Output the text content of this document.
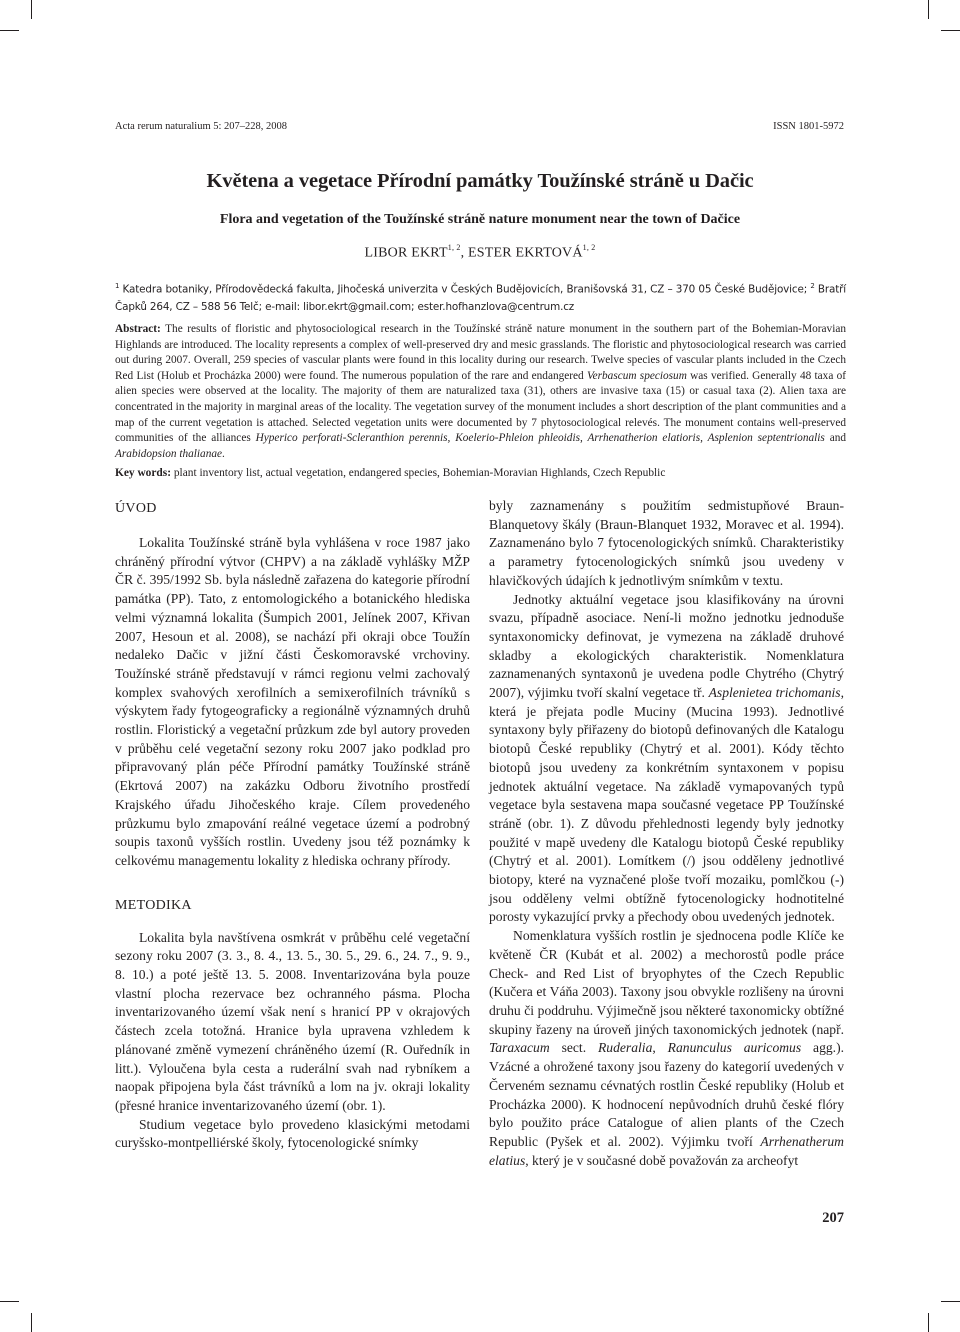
Acta rerum naturalium 5: 207–228, 2008	ISSN 1801-5972
Květena a vegetace Přírodní památky Toužínské stráně u Dačic
Flora and vegetation of the Toužínské stráně nature monument near the town of Dačice
LIBOR EKRT$^{1, 2}$, ESTER EKRTOVÁ$^{1, 2}$
$^1$ Katedra botaniky, Přírodovědecká fakulta, Jihočeská univerzita v Českých Budějovicích, Branišovská 31, CZ – 370 05 České Budějovice; $^2$ Bratří Čapků 264, CZ – 588 56 Telč; e-mail: libor.ekrt@gmail.com; ester.hofhanzlova@centrum.cz
Abstract: The results of floristic and phytosociological research in the Toužínské stráně nature monument in the southern part of the Bohemian-Moravian Highlands are introduced. The locality represents a complex of well-preserved dry and mesic grasslands. The floristic and phytosociological research was carried out during 2007. Overall, 259 species of vascular plants were found in this locality during our research. Twelve species of vascular plants included in the Czech Red List (Holub et Procházka 2000) were found. The numerous population of the rare and endangered Verbascum speciosum was verified. Generally 48 taxa of alien species were observed at the locality. The majority of them are naturalized taxa (31), others are invasive taxa (15) or casual taxa (2). Alien taxa are concentrated in the majority in marginal areas of the locality. The vegetation survey of the monument includes a short description of the plant communities and a map of the current vegetation is attached. Selected vegetation units were documented by 7 phytosociological relevés. The monument contains well-preserved communities of the alliances Hyperico perforati-Scleranthion perennis, Koelerio-Phleion phleoidis, Arrhenatherion elatioris, Asplenion septentrionalis and Arabidopsion thalianae.
Key words: plant inventory list, actual vegetation, endangered species, Bohemian-Moravian Highlands, Czech Republic
ÚVOD

Lokalita Toužínské stráně byla vyhlášena v roce 1987 jako chráněný přírodní výtvor (CHPV) a na základě vyhlášky MŽP ČR č. 395/1992 Sb. byla následně zařazena do kategorie přírodní památka (PP). Tato, z entomologického a botanického hlediska velmi významná lokalita (Šumpich 2001, Jelínek 2007, Křivan 2007, Hesoun et al. 2008), se nachází při okraji obce Toužín nedaleko Dačic v jižní části Českomoravské vrchoviny. Toužínské stráně představují v rámci regionu velmi zachovalý komplex svahových xerofilních a semixerofilních trávníků s výskytem řady fytogeograficky a regionálně významných druhů rostlin. Floristický a vegetační průzkum zde byl autory proveden v průběhu celé vegetační sezony roku 2007 jako podklad pro připravovaný plán péče Přírodní památky Toužínské stráně (Ekrtová 2007) na zakázku Odboru životního prostředí Krajského úřadu Jihočeského kraje. Cílem provedeného průzkumu bylo zmapování reálné vegetace území a podrobný soupis taxonů vyšších rostlin. Uvedeny jsou též poznámky k celkovému managementu lokality z hlediska ochrany přírody.

METODIKA

Lokalita byla navštívena osmkrát v průběhu celé vegetační sezony roku 2007 (3. 3., 8. 4., 13. 5., 30. 5., 29. 6., 24. 7., 9. 9., 8. 10.) a poté ještě 13. 5. 2008. Inventarizována byla pouze vlastní plocha rezervace bez ochranného pásma. Plocha inventarizovaného území však není s hranicí PP v okrajových částech zcela totožná. Hranice byla upravena vzhledem k plánované změně vymezení chráněného území (R. Ouředník in litt.). Vyloučena byla cesta a ruderální svah nad rybníkem a naopak připojena byla část trávníků a lom na jv. okraji lokality (přesné hranice inventarizovaného území (obr. 1).

Studium vegetace bylo provedeno klasickými metodami curyšsko-montpelliérské školy, fytocenologické snímky

byly zaznamenány s použitím sedmistupňové Braun-Blanquetovy škály (Braun-Blanquet 1932, Moravec et al. 1994). Zaznamenáno bylo 7 fytocenologických snímků. Charakteristiky a parametry fytocenologických snímků jsou uvedeny v hlavičkových údajích k jednotlivým snímkům v textu.

Jednotky aktuální vegetace jsou klasifikovány na úrovni svazu, případně asociace. Není-li možno jednotku jednoduše syntaxonomicky definovat, je vymezena na základě druhové skladby a ekologických charakteristik. Nomenklatura zaznamenaných syntaxonů je uvedena podle Chytrého (Chytrý 2007), výjimku tvoří skalní vegetace tř. Asplenietea trichomanis, která je přejata podle Muciny (Mucina 1993). Jednotlivé syntaxony byly přiřazeny do biotopů definovaných dle Katalogu biotopů České republiky (Chytrý et al. 2001). Kódy těchto biotopů jsou uvedeny za konkrétním syntaxonem v popisu jednotek aktuální vegetace. Na základě vymapovaných typů vegetace byla sestavena mapa současné vegetace PP Toužínské stráně (obr. 1). Z důvodu přehlednosti legendy byly jednotky použité v mapě uvedeny dle Katalogu biotopů České republiky (Chytrý et al. 2001). Lomítkem (/) jsou odděleny jednotlivé biotopy, které na vyznačené ploše tvoří mozaiku, pomlčkou (-) jsou odděleny velmi obtížně fytocenologicky hodnotitelné porosty vykazující prvky a přechody obou uvedených jednotek.

Nomenklatura vyšších rostlin je sjednocena podle Klíče ke květeně ČR (Kubát et al. 2002) a mechorostů podle práce Check- and Red List of bryophytes of the Czech Republic (Kučera et Váňa 2003). Taxony jsou obvykle rozlišeny na úrovni druhu či poddruhu. Výjimečně jsou některé taxonomicky obtížné skupiny řazeny na úroveň jiných taxonomických jednotek (např. Taraxacum sect. Ruderalia, Ranunculus auricomus agg.). Vzácné a ohrožené taxony jsou řazeny do kategorií uvedených v Červeném seznamu cévnatých rostlin České republiky (Holub et Procházka 2000). K hodnocení nepůvodních druhů české flóry bylo použito práce Catalogue of alien plants of the Czech Republic (Pyšek et al. 2002). Výjimku tvoří Arrhenatherum elatius, který je v současné době považován za archeofyt

207
